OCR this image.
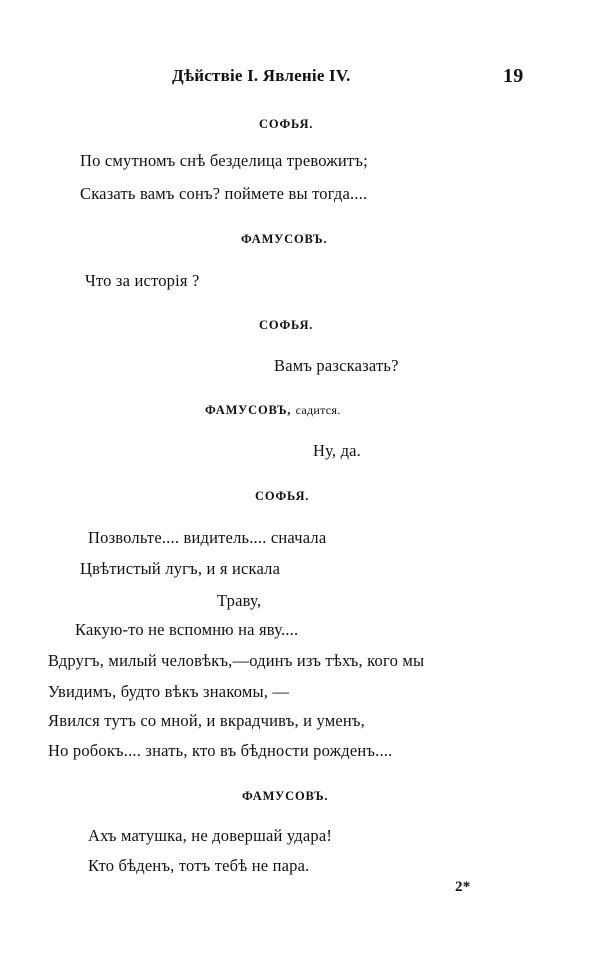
Дѣйствіе I. Явленіе IV.	19
СОФЬЯ.
По смутномъ снѣ безделица тревожитъ;
Сказать вамъ сонъ? поймете вы тогда....
ФАМУСОВЪ.
Что за исторія ?
СОФЬЯ.
Вамъ разсказать?
ФАМУСОВЪ, садится.
Ну, да.
СОФЬЯ.
Позвольте.... видитель.... сначала
Цвѣтистый лугъ, и я искала
Траву,
Какую-то не вспомню на яву....
Вдругъ, милый человѣкъ,—одинъ изъ тѣхъ, кого мы
Увидимъ, будто вѣкъ знакомы, —
Явился тутъ со мной, и вкрадчивъ, и уменъ,
Но робокъ.... знать, кто въ бѣдности рожденъ....
ФАМУСОВЪ.
Ахъ матушка, не довершай удара!
Кто бѣденъ, тотъ тебѣ не пара.
2*
